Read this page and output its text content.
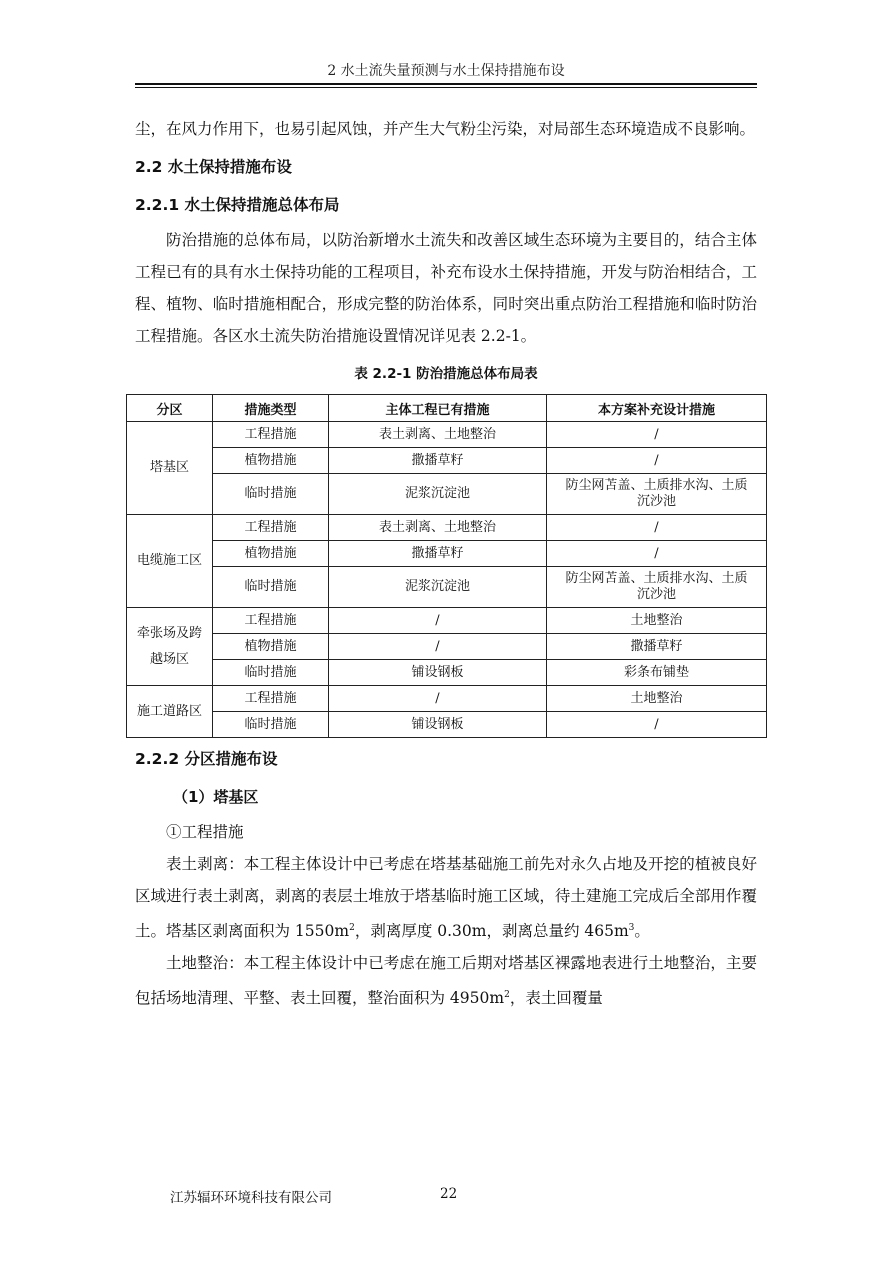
2 水土流失量预测与水土保持措施布设

尘，在风力作用下，也易引起风蚀，并产生大气粉尘污染，对局部生态环境造成不良影响。

2.2 水土保持措施布设
2.2.1 水土保持措施总体布局

防治措施的总体布局，以防治新增水土流失和改善区域生态环境为主要目的，结合主体工程已有的具有水土保持功能的工程项目，补充布设水土保持措施，开发与防治相结合，工程、植物、临时措施相配合，形成完整的防治体系，同时突出重点防治工程措施和临时防治工程措施。各区水土流失防治措施设置情况详见表 2.2-1。

表 2.2-1 防治措施总体布局表
分区	措施类型	主体工程已有措施	本方案补充设计措施
塔基区	工程措施	表土剥离、土地整治	/
	植物措施	撒播草籽	/
	临时措施	泥浆沉淀池	防尘网苫盖、土质排水沟、土质沉沙池
电缆施工区	工程措施	表土剥离、土地整治	/
	植物措施	撒播草籽	/
	临时措施	泥浆沉淀池	防尘网苫盖、土质排水沟、土质沉沙池
牵张场及跨越场区	工程措施	/	土地整治
	植物措施	/	撒播草籽
	临时措施	铺设钢板	彩条布铺垫
施工道路区	工程措施	/	土地整治
	临时措施	铺设钢板	/
2.2.2 分区措施布设
（1）塔基区

①工程措施

表土剥离：本工程主体设计中已考虑在塔基基础施工前先对永久占地及开挖的植被良好区域进行表土剥离，剥离的表层土堆放于塔基临时施工区域，待土建施工完成后全部用作覆土。塔基区剥离面积为 $1550m^2$，剥离厚度 0.30m，剥离总量约 $465m^3$。

土地整治：本工程主体设计中已考虑在施工后期对塔基区裸露地表进行土地整治，主要包括场地清理、平整、表土回覆，整治面积为 $4950m^2$，表土回覆量

江苏辐环环境科技有限公司	22
